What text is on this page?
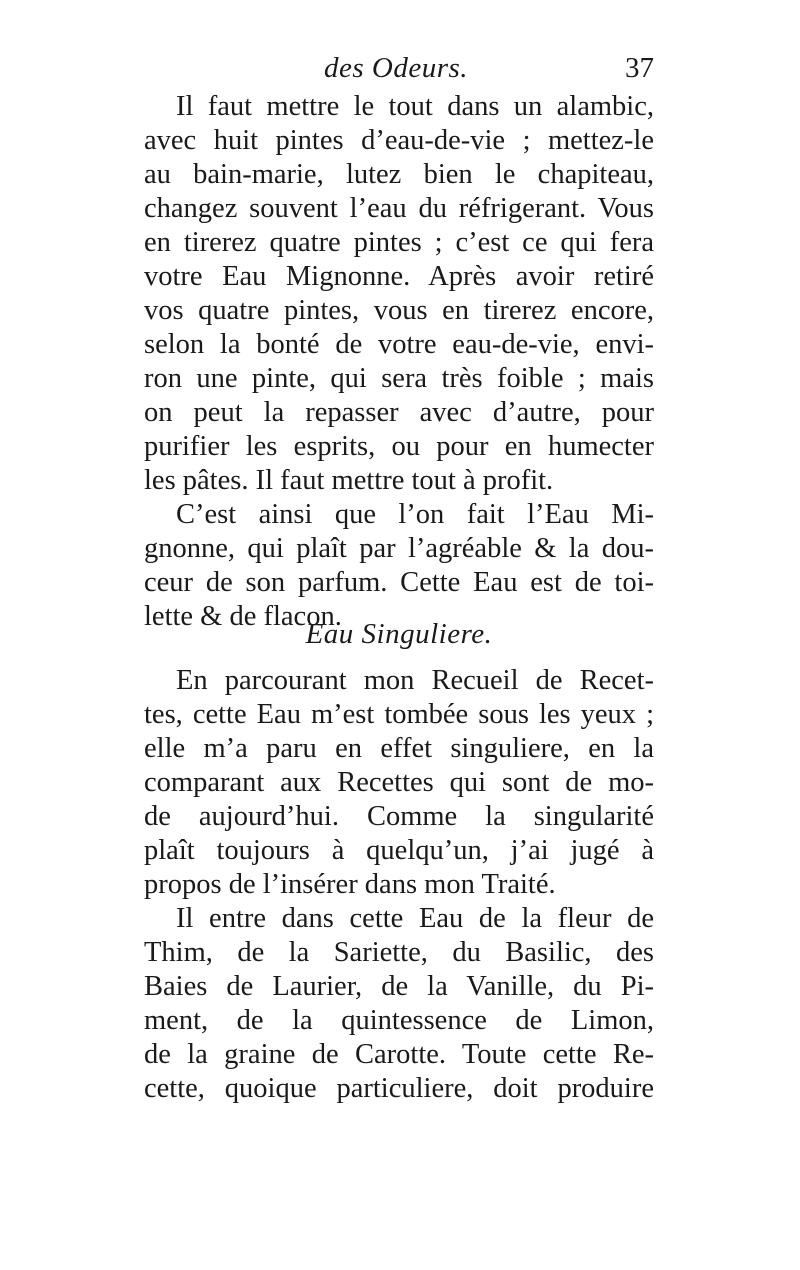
des Odeurs.	37
Il faut mettre le tout dans un alambic,
avec huit pintes d’eau-de-vie ; mettez-le
au bain-marie, lutez bien le chapiteau,
changez souvent l’eau du réfrigerant. Vous
en tirerez quatre pintes ; c’est ce qui fera
votre Eau Mignonne. Après avoir retiré
vos quatre pintes, vous en tirerez encore,
selon la bonté de votre eau-de-vie, envi-
ron une pinte, qui sera très foible ; mais
on peut la repasser avec d’autre, pour
purifier les esprits, ou pour en humecter
les pâtes. Il faut mettre tout à profit.
C’est ainsi que l’on fait l’Eau Mi-
gnonne, qui plaît par l’agréable & la dou-
ceur de son parfum. Cette Eau est de toi-
lette & de flacon.
Eau Singuliere.
En parcourant mon Recueil de Recet-
tes, cette Eau m’est tombée sous les yeux ;
elle m’a paru en effet singuliere, en la
comparant aux Recettes qui sont de mo-
de aujourd’hui. Comme la singularité
plaît toujours à quelqu’un, j’ai jugé à
propos de l’insérer dans mon Traité.
Il entre dans cette Eau de la fleur de
Thim, de la Sariette, du Basilic, des
Baies de Laurier, de la Vanille, du Pi-
ment, de la quintessence de Limon,
de la graine de Carotte. Toute cette Re-
cette, quoique particuliere, doit produire
